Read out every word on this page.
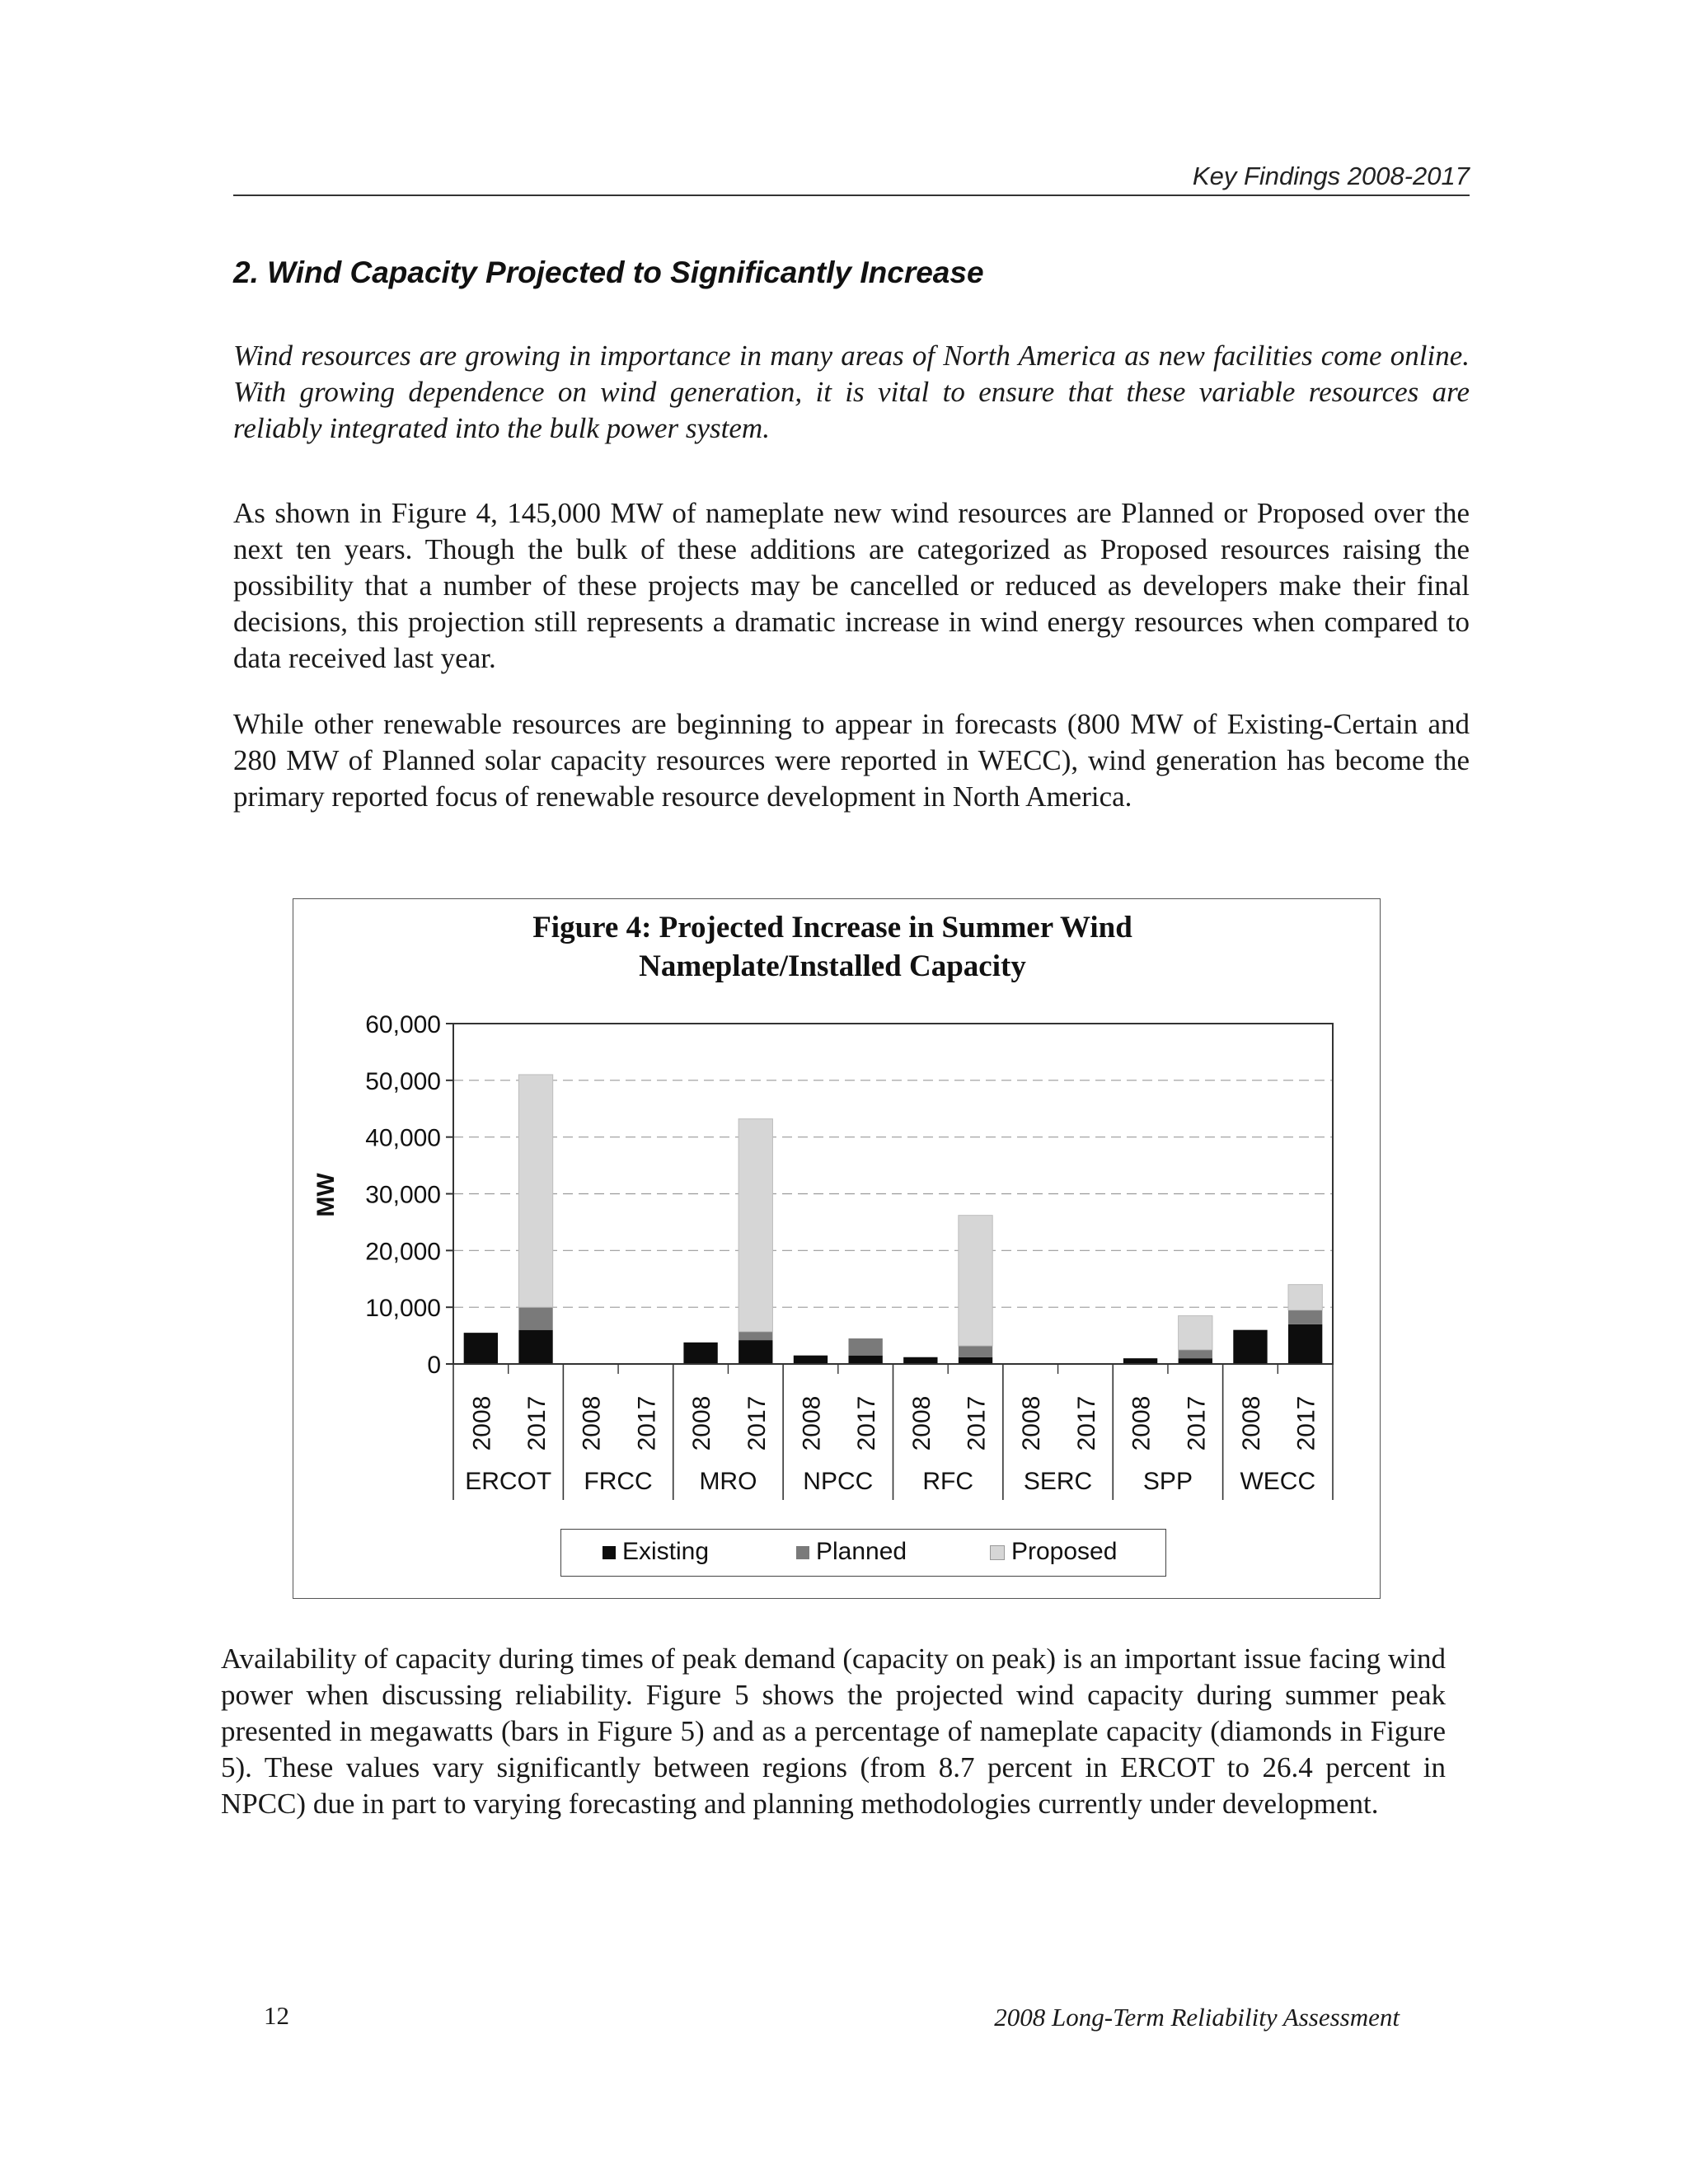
Key Findings 2008-2017
2. Wind Capacity Projected to Significantly Increase

Wind resources are growing in importance in many areas of North America as new facilities come online. With growing dependence on wind generation, it is vital to ensure that these variable resources are reliably integrated into the bulk power system.

As shown in Figure 4, 145,000 MW of nameplate new wind resources are Planned or Proposed over the next ten years. Though the bulk of these additions are categorized as Proposed resources raising the possibility that a number of these projects may be cancelled or reduced as developers make their final decisions, this projection still represents a dramatic increase in wind energy resources when compared to data received last year.

While other renewable resources are beginning to appear in forecasts (800 MW of Existing-Certain and 280 MW of Planned solar capacity resources were reported in WECC), wind generation has become the primary reported focus of renewable resource development in North America.

Figure 4: Projected Increase in Summer Wind
Nameplate/Installed Capacity
0
10,000
20,000
30,000
40,000
50,000
60,000
MW
2008 2017 2008 2017 2008 2017 2008 2017 2008 2017 2008 2017 2008 2017 2008 2017
ERCOT FRCC MRO NPCC RFC SERC SPP WECC
Existing	Planned	Proposed

Availability of capacity during times of peak demand (capacity on peak) is an important issue facing wind power when discussing reliability. Figure 5 shows the projected wind capacity during summer peak presented in megawatts (bars in Figure 5) and as a percentage of nameplate capacity (diamonds in Figure 5). These values vary significantly between regions (from 8.7 percent in ERCOT to 26.4 percent in NPCC) due in part to varying forecasting and planning methodologies currently under development.

12	2008 Long-Term Reliability Assessment
